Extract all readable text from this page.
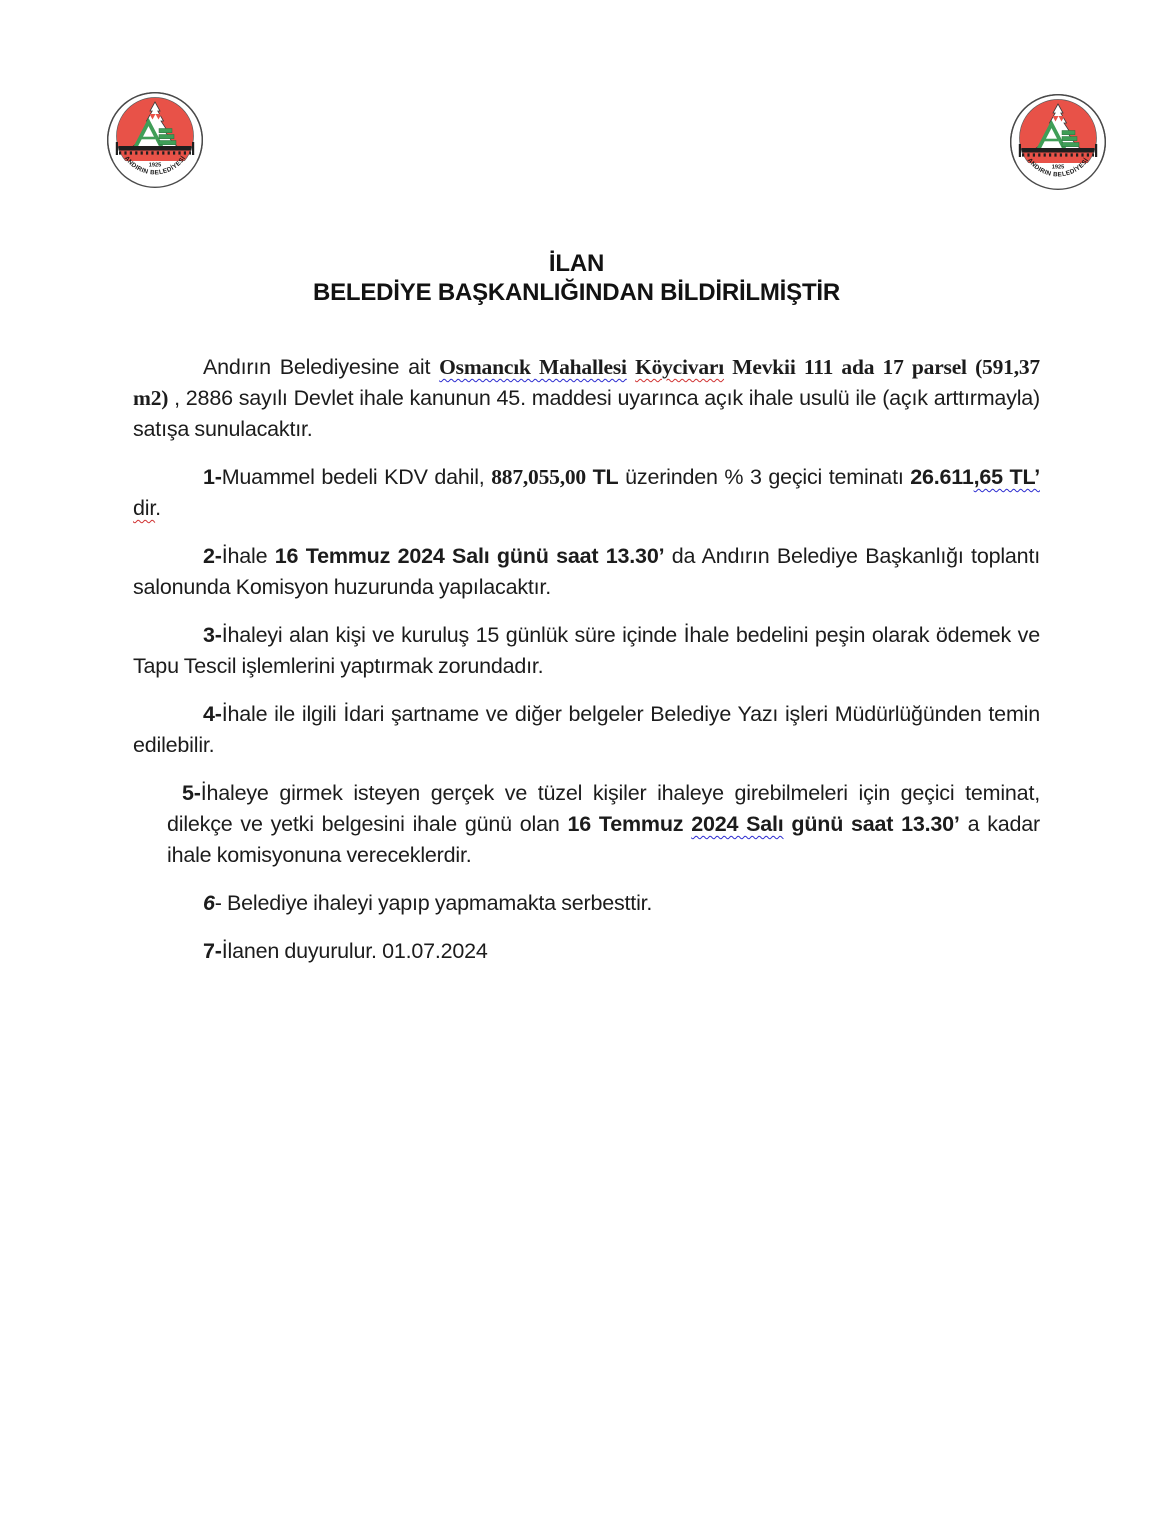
1925
ANDIRIN BELEDİYESİ
1925
ANDIRIN BELEDİYESİ
İLAN
BELEDİYE BAŞKANLIĞINDAN BİLDİRİLMİŞTİR

Andırın Belediyesine ait Osmancık Mahallesi Köycivarı Mevkii 111 ada 17 parsel (591,37 m2) , 2886 sayılı Devlet ihale kanunun 45. maddesi uyarınca açık ihale usulü ile (açık arttırmayla) satışa sunulacaktır.

1-Muammel bedeli KDV dahil, 887,055,00 TL üzerinden % 3 geçici teminatı 26.611,65 TL’ dir.

2-İhale 16 Temmuz 2024 Salı günü saat 13.30’ da Andırın Belediye Başkanlığı toplantı salonunda Komisyon huzurunda yapılacaktır.

3-İhaleyi alan kişi ve kuruluş 15 günlük süre içinde İhale bedelini peşin olarak ödemek ve Tapu Tescil işlemlerini yaptırmak zorundadır.

4-İhale ile ilgili İdari şartname ve diğer belgeler Belediye Yazı işleri Müdürlüğünden temin edilebilir.

5-İhaleye girmek isteyen gerçek ve tüzel kişiler ihaleye girebilmeleri için geçici teminat, dilekçe ve yetki belgesini ihale günü olan 16 Temmuz 2024 Salı günü saat 13.30’ a kadar ihale komisyonuna vereceklerdir.

6- Belediye ihaleyi yapıp yapmamakta serbesttir.

7-İlanen duyurulur. 01.07.2024
